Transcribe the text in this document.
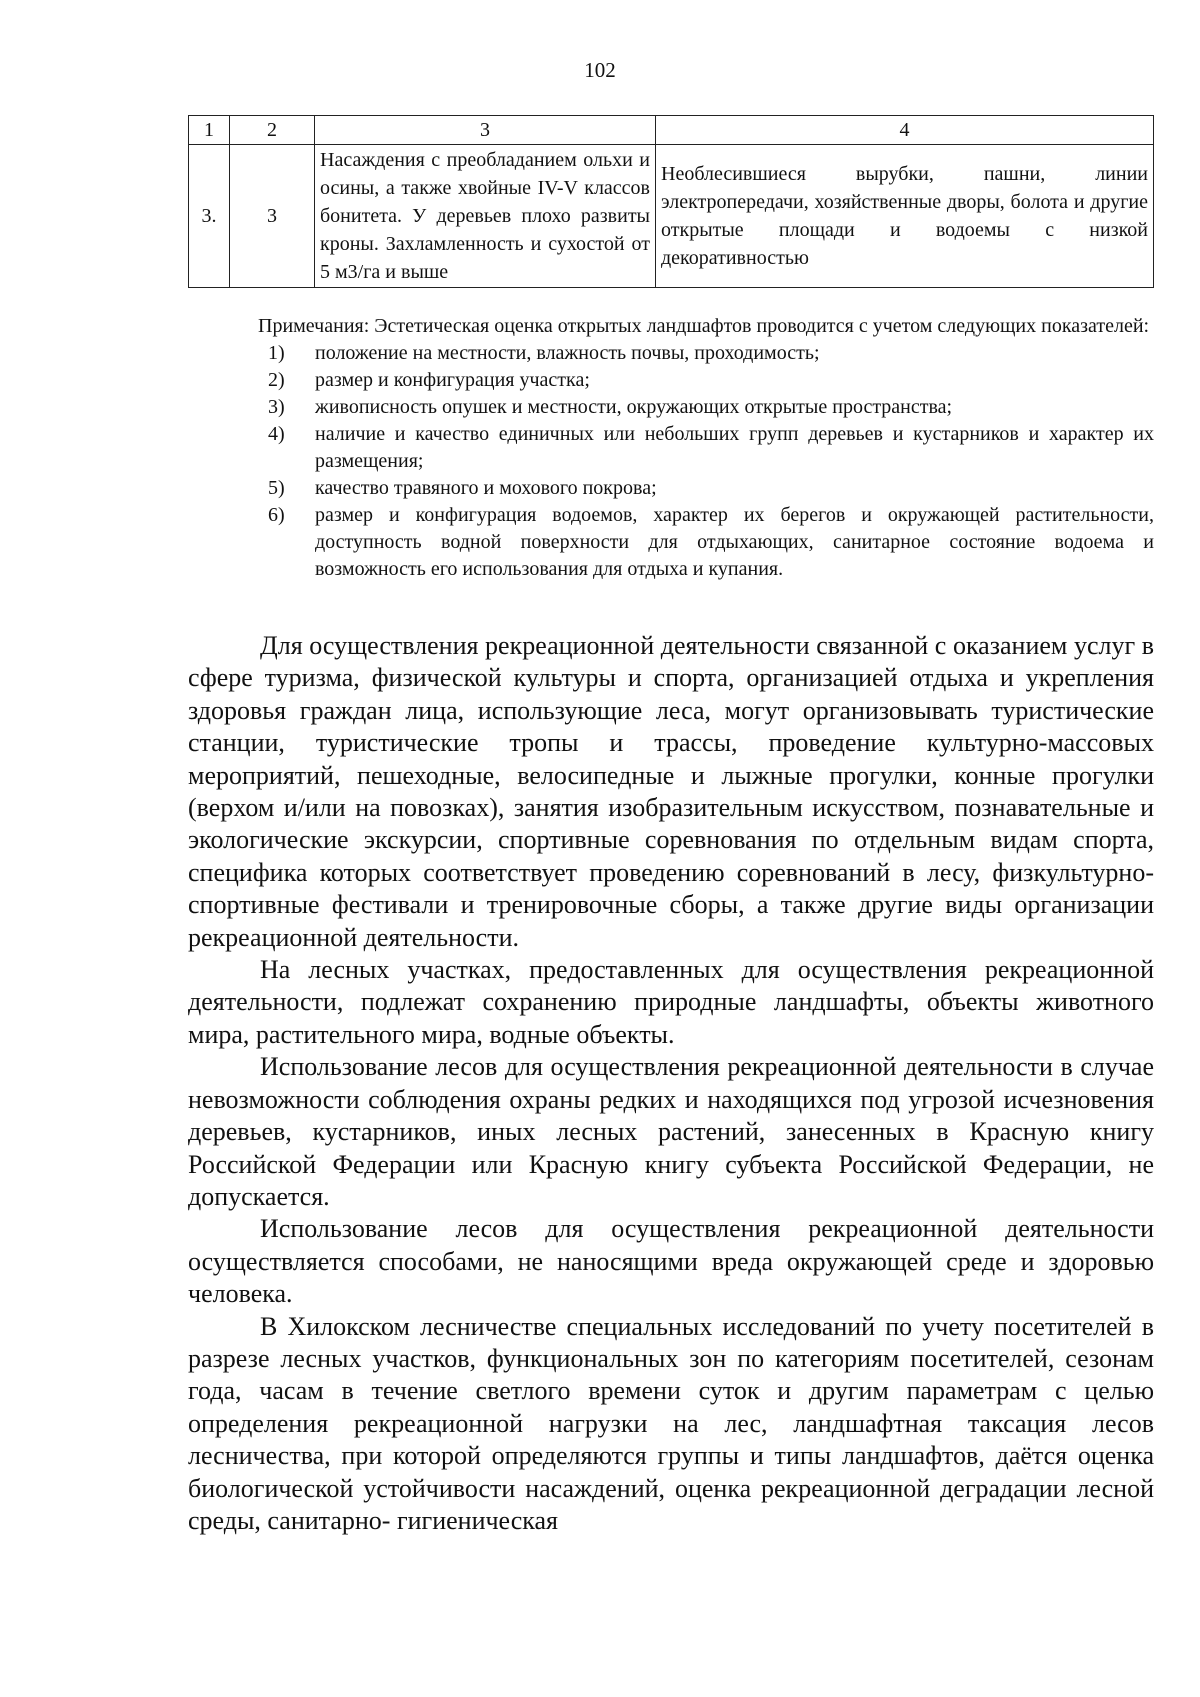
102
1	2	3	4
3.	3	Насаждения с преобладанием ольхи и осины, а также хвойные IV-V классов бонитета. У деревьев плохо развиты кроны. Захламленность и сухостой от 5 м3/га и выше	Необлесившиеся вырубки, пашни, линии электропередачи, хозяйственные дворы, болота и другие открытые площади и водоемы с низкой декоративностью

Примечания: Эстетическая оценка открытых ландшафтов проводится с учетом следующих показателей:

1) положение на местности, влажность почвы, проходимость;
2) размер и конфигурация участка;
3) живописность опушек и местности, окружающих открытые пространства;
4) наличие и качество единичных или небольших групп деревьев и кустарников и характер их размещения;
5) качество травяного и мохового покрова;
6) размер и конфигурация водоемов, характер их берегов и окружающей растительности, доступность водной поверхности для отдыхающих, санитарное состояние водоема и возможность его использования для отдыха и купания.

Для осуществления рекреационной деятельности связанной с оказанием услуг в сфере туризма, физической культуры и спорта, организацией отдыха и укрепления здоровья граждан лица, использующие леса, могут организовывать туристические станции, туристические тропы и трассы, проведение культурно-массовых мероприятий, пешеходные, велосипедные и лыжные прогулки, конные прогулки (верхом и/или на повозках), занятия изобразительным искусством, познавательные и экологические экскурсии, спортивные соревнования по отдельным видам спорта, специфика которых соответствует проведению соревнований в лесу, физкультурно-спортивные фестивали и тренировочные сборы, а также другие виды организации рекреационной деятельности.

На лесных участках, предоставленных для осуществления рекреационной деятельности, подлежат сохранению природные ландшафты, объекты животного мира, растительного мира, водные объекты.

Использование лесов для осуществления рекреационной деятельности в случае невозможности соблюдения охраны редких и находящихся под угрозой исчезновения деревьев, кустарников, иных лесных растений, занесенных в Красную книгу Российской Федерации или Красную книгу субъекта Российской Федерации, не допускается.

Использование лесов для осуществления рекреационной деятельности осуществляется способами, не наносящими вреда окружающей среде и здоровью человека.

В Хилокском лесничестве специальных исследований по учету посетителей в разрезе лесных участков, функциональных зон по категориям посетителей, сезонам года, часам в течение светлого времени суток и другим параметрам с целью определения рекреационной нагрузки на лес, ландшафтная таксация лесов лесничества, при которой определяются группы и типы ландшафтов, даётся оценка биологической устойчивости насаждений, оценка рекреационной деградации лесной среды, санитарно- гигиеническая
